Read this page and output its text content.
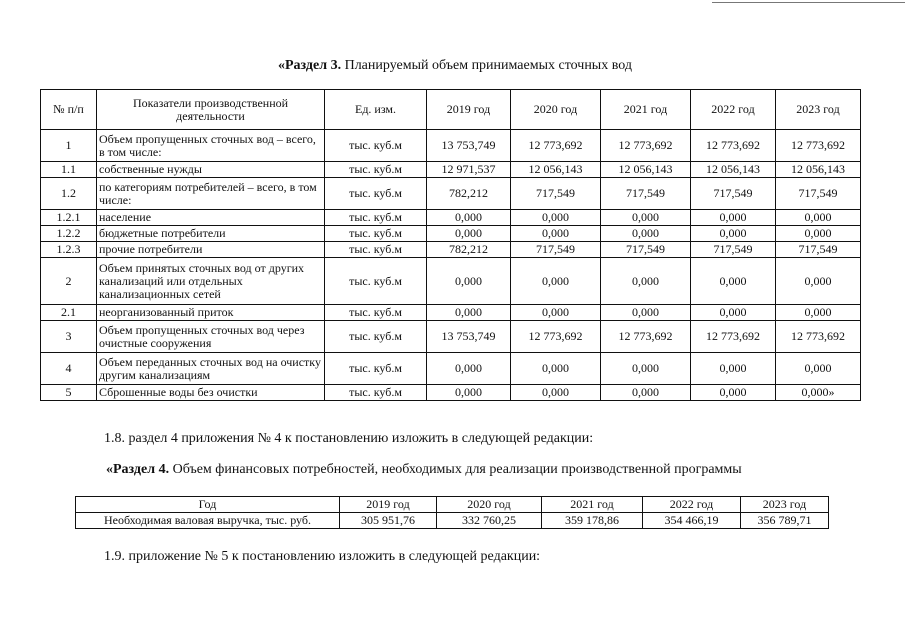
«Раздел 3. Планируемый объем принимаемых сточных вод
№ п/п	Показатели производственной деятельности	Ед. изм.	2019 год	2020 год	2021 год	2022 год	2023 год
1	Объем пропущенных сточных вод – всего, в том числе:	тыс. куб.м	13 753,749	12 773,692	12 773,692	12 773,692	12 773,692
1.1	собственные нужды	тыс. куб.м	12 971,537	12 056,143	12 056,143	12 056,143	12 056,143
1.2	по категориям потребителей – всего, в том числе:	тыс. куб.м	782,212	717,549	717,549	717,549	717,549
1.2.1	население	тыс. куб.м	0,000	0,000	0,000	0,000	0,000
1.2.2	бюджетные потребители	тыс. куб.м	0,000	0,000	0,000	0,000	0,000
1.2.3	прочие потребители	тыс. куб.м	782,212	717,549	717,549	717,549	717,549
2	Объем принятых сточных вод от других канализаций или отдельных канализационных сетей	тыс. куб.м	0,000	0,000	0,000	0,000	0,000
2.1	неорганизованный приток	тыс. куб.м	0,000	0,000	0,000	0,000	0,000
3	Объем пропущенных сточных вод через очистные сооружения	тыс. куб.м	13 753,749	12 773,692	12 773,692	12 773,692	12 773,692
4	Объем переданных сточных вод на очистку другим канализациям	тыс. куб.м	0,000	0,000	0,000	0,000	0,000
5	Сброшенные воды без очистки	тыс. куб.м	0,000	0,000	0,000	0,000	0,000»
1.8. раздел 4 приложения № 4 к постановлению изложить в следующей редакции:
«Раздел 4. Объем финансовых потребностей, необходимых для реализации производственной программы
Год	2019 год	2020 год	2021 год	2022 год	2023 год
Необходимая валовая выручка, тыс. руб.	305 951,76	332 760,25	359 178,86	354 466,19	356 789,71
1.9. приложение № 5 к постановлению изложить в следующей редакции:
